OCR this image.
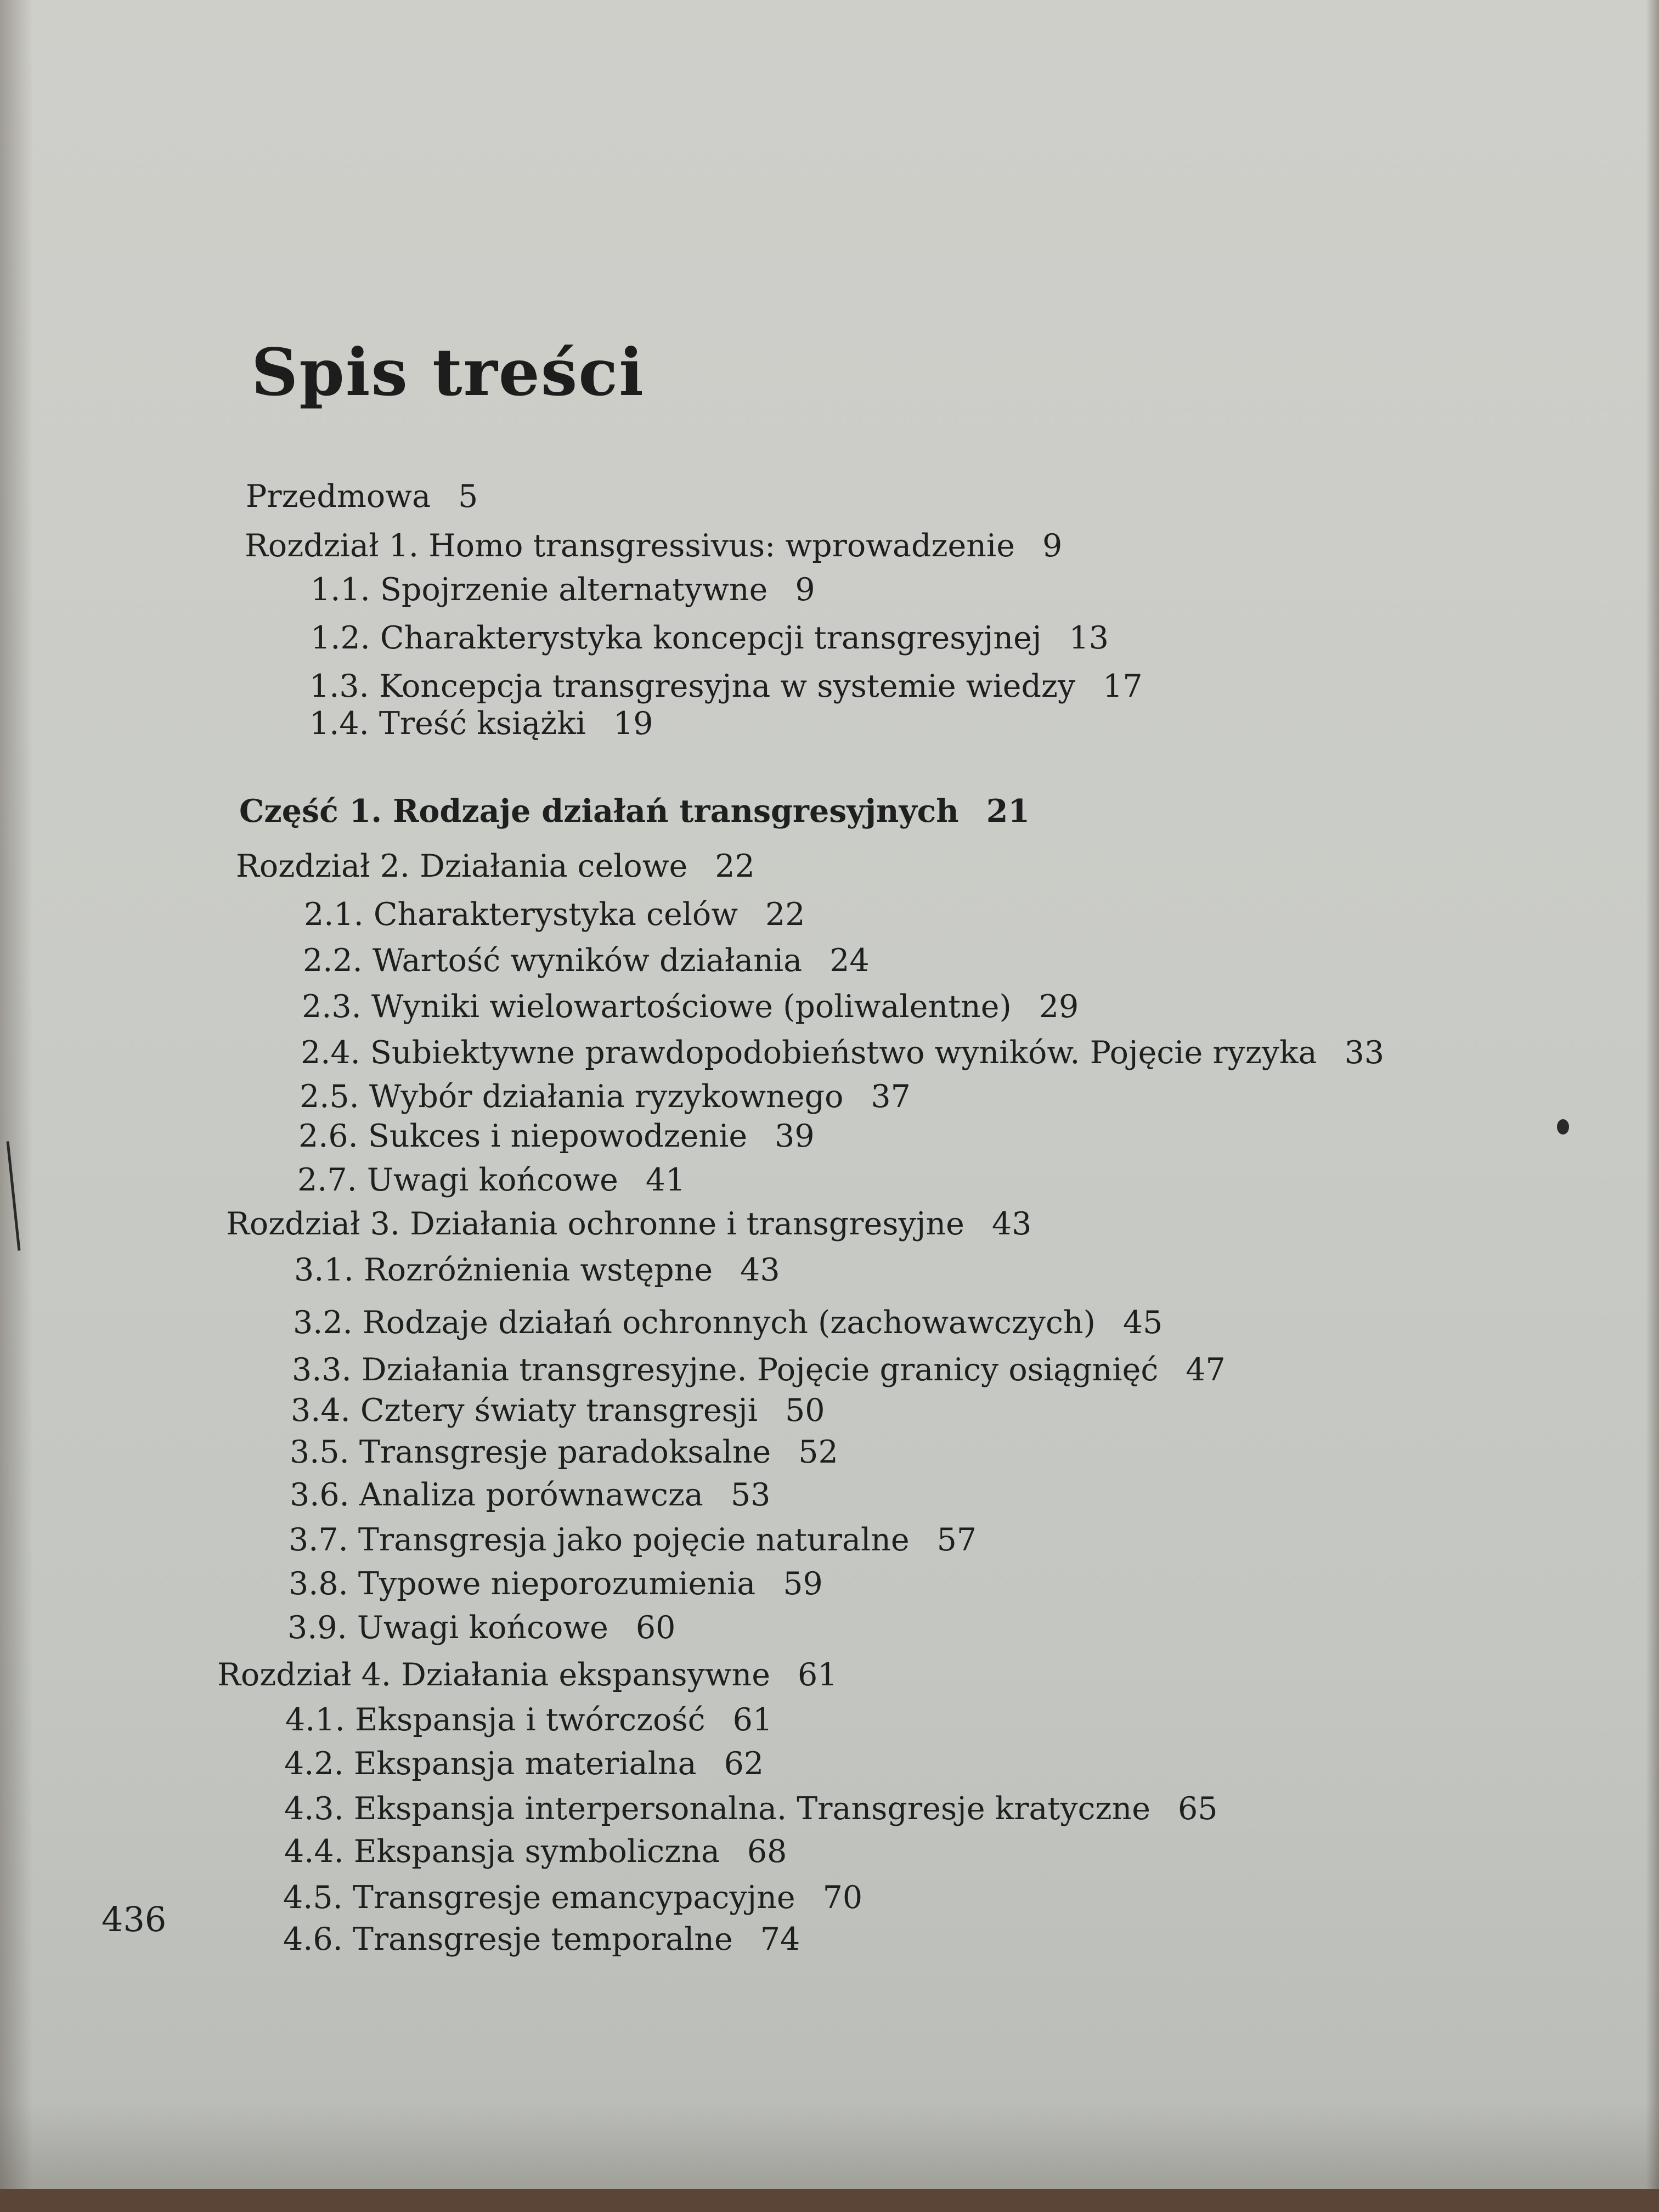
Spis treści
Przedmowa 5
Rozdział 1. Homo transgressivus: wprowadzenie 9
1.1. Spojrzenie alternatywne 9
1.2. Charakterystyka koncepcji transgresyjnej 13
1.3. Koncepcja transgresyjna w systemie wiedzy 17
1.4. Treść książki 19
Część 1. Rodzaje działań transgresyjnych 21
Rozdział 2. Działania celowe 22
2.1. Charakterystyka celów 22
2.2. Wartość wyników działania 24
2.3. Wyniki wielowartościowe (poliwalentne) 29
2.4. Subiektywne prawdopodobieństwo wyników. Pojęcie ryzyka 33
2.5. Wybór działania ryzykownego 37
2.6. Sukces i niepowodzenie 39
2.7. Uwagi końcowe 41
Rozdział 3. Działania ochronne i transgresyjne 43
3.1. Rozróżnienia wstępne 43
3.2. Rodzaje działań ochronnych (zachowawczych) 45
3.3. Działania transgresyjne. Pojęcie granicy osiągnięć 47
3.4. Cztery światy transgresji 50
3.5. Transgresje paradoksalne 52
3.6. Analiza porównawcza 53
3.7. Transgresja jako pojęcie naturalne 57
3.8. Typowe nieporozumienia 59
3.9. Uwagi końcowe 60
Rozdział 4. Działania ekspansywne 61
4.1. Ekspansja i twórczość 61
4.2. Ekspansja materialna 62
4.3. Ekspansja interpersonalna. Transgresje kratyczne 65
4.4. Ekspansja symboliczna 68
4.5. Transgresje emancypacyjne 70
4.6. Transgresje temporalne 74
436
